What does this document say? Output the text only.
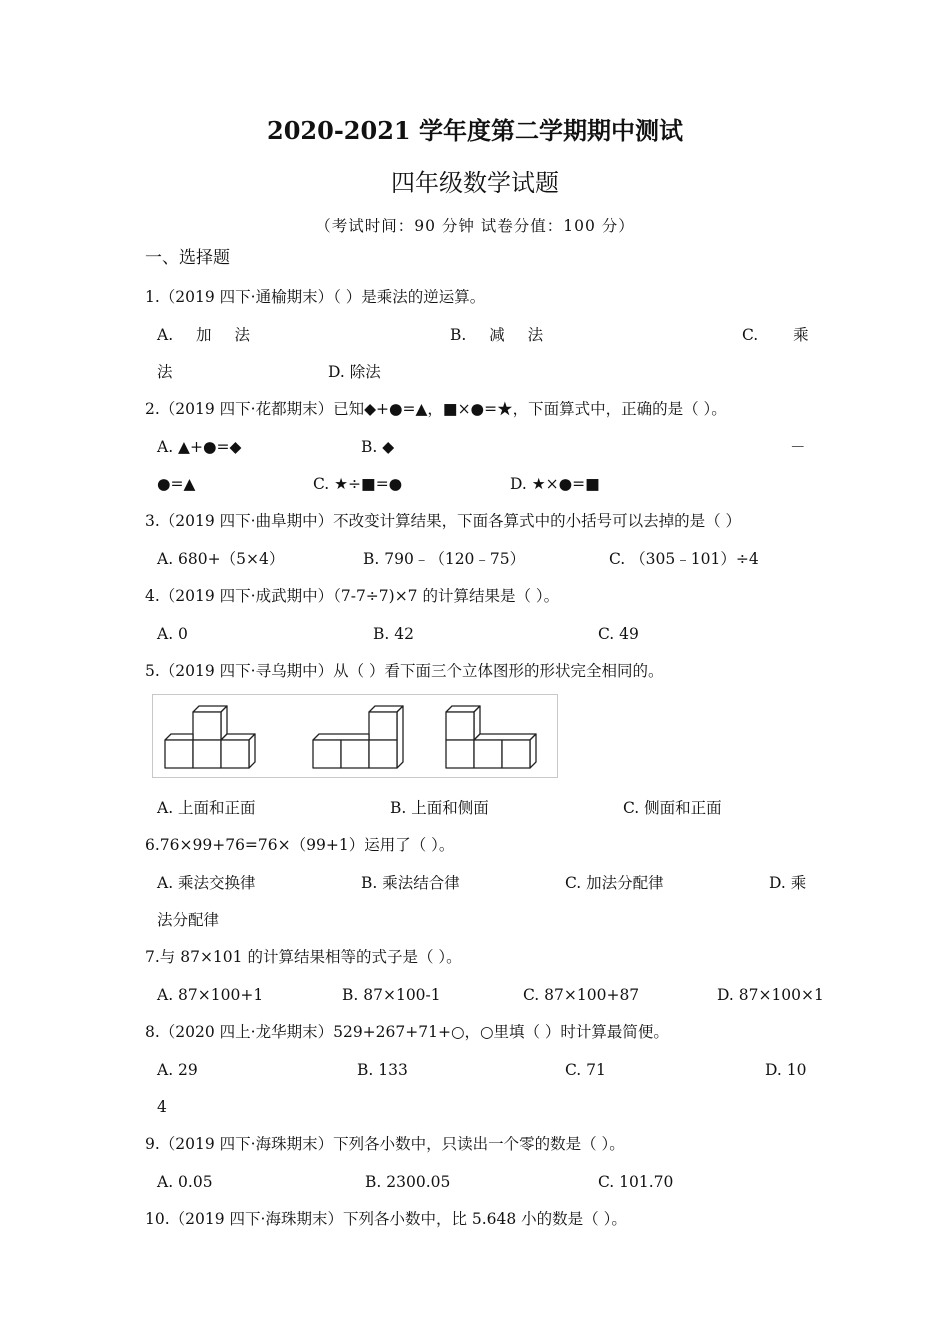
2020-2021 学年度第二学期期中测试
四年级数学试题
（考试时间：90 分钟 试卷分值：100 分）
一、选择题
1.（2019 四下·通榆期末）（ ）是乘法的逆运算。
A. 加 法	B. 减 法	C. 乘
法	D. 除法
2.（2019 四下·花都期末）已知◆+●=▲，■×●=★，下面算式中，正确的是（ ）。
A. ▲+●=◆	B. ◆	－
●=▲	C. ★÷■=●	D. ★×●=■
3.（2019 四下·曲阜期中）不改变计算结果，下面各算式中的小括号可以去掉的是（ ）
A. 680+（5×4）	B. 790﹣（120﹣75）	C. （305﹣101）÷4
4.（2019 四下·成武期中）（7-7÷7)×7 的计算结果是（ ）。
A. 0	B. 42	C. 49
5.（2019 四下·寻乌期中）从（ ）看下面三个立体图形的形状完全相同的。
A. 上面和正面	B. 上面和侧面	C. 侧面和正面
6.76×99+76=76×（99+1）运用了（ ）。
A. 乘法交换律	B. 乘法结合律	C. 加法分配律	D. 乘
法分配律
7.与 87×101 的计算结果相等的式子是（ ）。
A. 87×100+1	B. 87×100-1	C. 87×100+87	D. 87×100×1
8.（2020 四上·龙华期末）529+267+71+○，○里填（ ）时计算最简便。
A. 29	B. 133	C. 71	D. 10
4
9.（2019 四下·海珠期末）下列各小数中，只读出一个零的数是（ ）。
A. 0.05	B. 2300.05	C. 101.70
10.（2019 四下·海珠期末）下列各小数中，比 5.648 小的数是（ ）。
